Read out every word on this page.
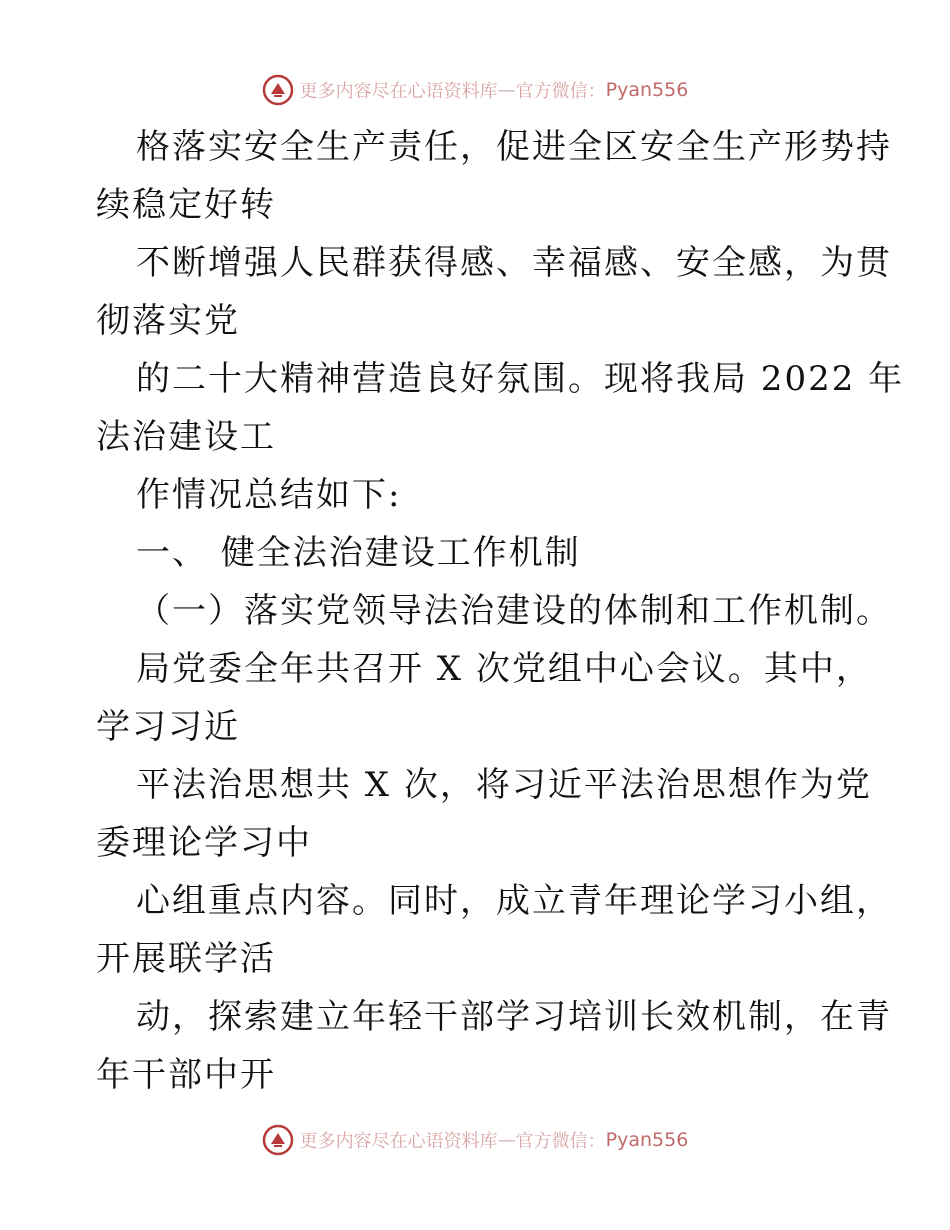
更多内容尽在心语资料库 — 官方微信： Pyan556
格落实安全生产责任，促进全区安全生产形势持
续稳定好转
不断增强人民群获得感、幸福感、安全感，为贯
彻落实党
的二十大精神营造良好氛围。现将我局 2022 年
法治建设工
作情况总结如下:
一、 健全法治建设工作机制
（一）落实党领导法治建设的体制和工作机制。
局党委全年共召开 X 次党组中心会议。其中，
学习习近
平法治思想共 X 次，将习近平法治思想作为党
委理论学习中
心组重点内容。同时，成立青年理论学习小组，
开展联学活
动，探索建立年轻干部学习培训长效机制，在青
年干部中开
更多内容尽在心语资料库 — 官方微信： Pyan556
